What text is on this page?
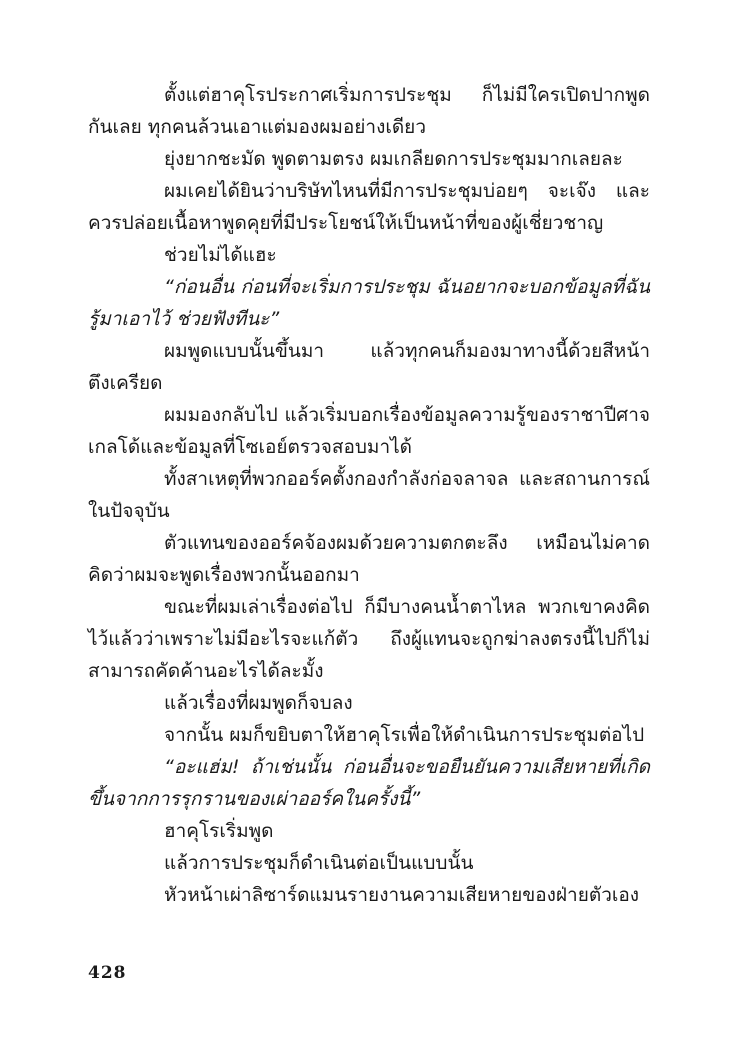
ตั้งแต่ฮาคุโรประกาศเริ่มการประชุม ก็ไม่มีใครเปิดปากพูดกันเลย ทุกคนล้วนเอาแต่มองผมอย่างเดียว

ยุ่งยากชะมัด พูดตามตรง ผมเกลียดการประชุมมากเลยละ

ผมเคยได้ยินว่าบริษัทไหนที่มีการประชุมบ่อยๆ จะเจ๊ง และควรปล่อยเนื้อหาพูดคุยที่มีประโยชน์ให้เป็นหน้าที่ของผู้เชี่ยวชาญ

ช่วยไม่ได้แฮะ

“ก่อนอื่น ก่อนที่จะเริ่มการประชุม ฉันอยากจะบอกข้อมูลที่ฉันรู้มาเอาไว้ ช่วยฟังทีนะ”

ผมพูดแบบนั้นขึ้นมา แล้วทุกคนก็มองมาทางนี้ด้วยสีหน้าตึงเครียด

ผมมองกลับไป แล้วเริ่มบอกเรื่องข้อมูลความรู้ของราชาปีศาจเกลโด้และข้อมูลที่โซเอย์ตรวจสอบมาได้

ทั้งสาเหตุที่พวกออร์คตั้งกองกำลังก่อจลาจล และสถานการณ์ในปัจจุบัน

ตัวแทนของออร์คจ้องผมด้วยความตกตะลึง เหมือนไม่คาดคิดว่าผมจะพูดเรื่องพวกนั้นออกมา

ขณะที่ผมเล่าเรื่องต่อไป ก็มีบางคนน้ำตาไหล พวกเขาคงคิดไว้แล้วว่าเพราะไม่มีอะไรจะแก้ตัว ถึงผู้แทนจะถูกฆ่าลงตรงนี้ไปก็ไม่สามารถคัดค้านอะไรได้ละมั้ง

แล้วเรื่องที่ผมพูดก็จบลง

จากนั้น ผมก็ขยิบตาให้ฮาคุโรเพื่อให้ดำเนินการประชุมต่อไป

“อะแฮ่ม! ถ้าเช่นนั้น ก่อนอื่นจะขอยืนยันความเสียหายที่เกิดขึ้นจากการรุกรานของเผ่าออร์คในครั้งนี้”

ฮาคุโรเริ่มพูด

แล้วการประชุมก็ดำเนินต่อเป็นแบบนั้น

หัวหน้าเผ่าลิซาร์ดแมนรายงานความเสียหายของฝ่ายตัวเอง

428
